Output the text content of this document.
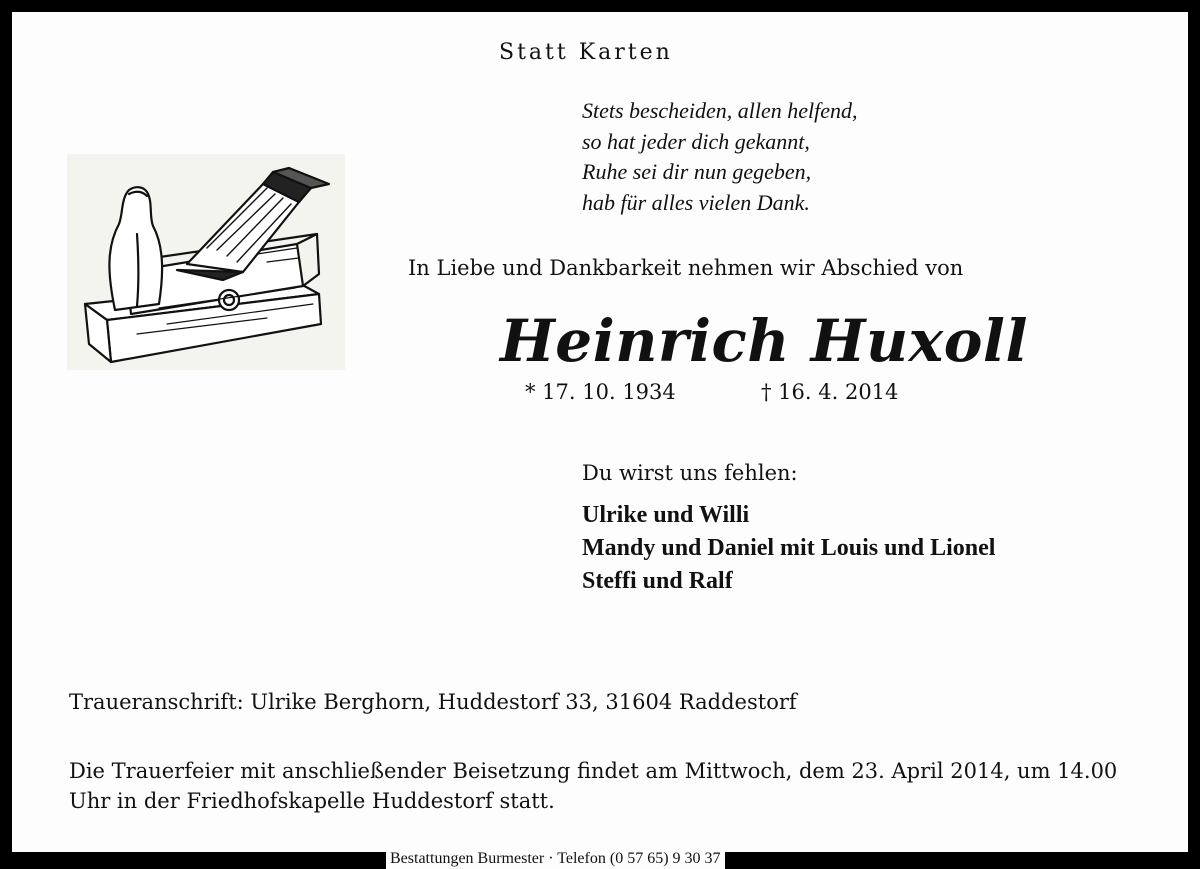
Statt Karten
Stets bescheiden, allen helfend,
so hat jeder dich gekannt,
Ruhe sei dir nun gegeben,
hab für alles vielen Dank.
In Liebe und Dankbarkeit nehmen wir Abschied von
Heinrich Huxoll
* 17. 10. 1934	† 16. 4. 2014
Du wirst uns fehlen:
Ulrike und Willi
Mandy und Daniel mit Louis und Lionel
Steffi und Ralf
Traueranschrift: Ulrike Berghorn, Huddestorf 33, 31604 Raddestorf
Die Trauerfeier mit anschließender Beisetzung findet am Mittwoch, dem 23. April 2014, um 14.00 Uhr in der Friedhofskapelle Huddestorf statt.
Bestattungen Burmester · Telefon (0 57 65) 9 30 37
